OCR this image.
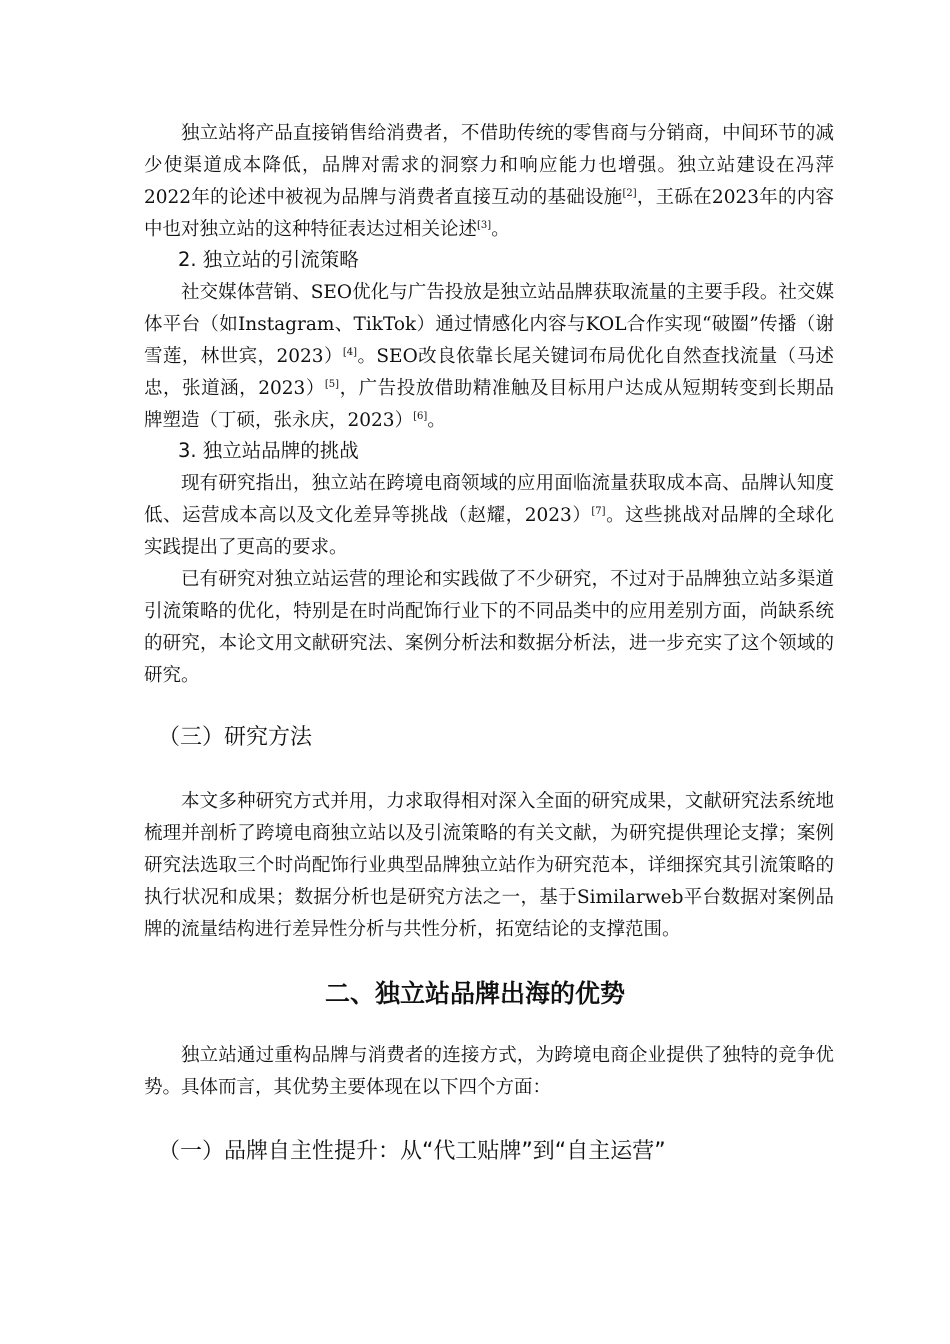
独立站将产品直接销售给消费者，不借助传统的零售商与分销商，中间环节的减少使渠道成本降低，品牌对需求的洞察力和响应能力也增强。独立站建设在冯萍2022年的论述中被视为品牌与消费者直接互动的基础设施[2]，王砾在2023年的内容中也对独立站的这种特征表达过相关论述[3]。

2. 独立站的引流策略

社交媒体营销、SEO优化与广告投放是独立站品牌获取流量的主要手段。社交媒体平台（如Instagram、TikTok）通过情感化内容与KOL合作实现“破圈”传播（谢雪莲，林世宾，2023）[4]。SEO改良依靠长尾关键词布局优化自然查找流量（马述忠，张道涵，2023）[5]，广告投放借助精准触及目标用户达成从短期转变到长期品牌塑造（丁硕，张永庆，2023）[6]。

3. 独立站品牌的挑战

现有研究指出，独立站在跨境电商领域的应用面临流量获取成本高、品牌认知度低、运营成本高以及文化差异等挑战（赵耀，2023）[7]。这些挑战对品牌的全球化实践提出了更高的要求。

已有研究对独立站运营的理论和实践做了不少研究，不过对于品牌独立站多渠道引流策略的优化，特别是在时尚配饰行业下的不同品类中的应用差别方面，尚缺系统的研究，本论文用文献研究法、案例分析法和数据分析法，进一步充实了这个领域的研究。

（三）研究方法

本文多种研究方式并用，力求取得相对深入全面的研究成果，文献研究法系统地梳理并剖析了跨境电商独立站以及引流策略的有关文献，为研究提供理论支撑；案例研究法选取三个时尚配饰行业典型品牌独立站作为研究范本，详细探究其引流策略的执行状况和成果；数据分析也是研究方法之一，基于Similarweb平台数据对案例品牌的流量结构进行差异性分析与共性分析，拓宽结论的支撑范围。

二、独立站品牌出海的优势

独立站通过重构品牌与消费者的连接方式，为跨境电商企业提供了独特的竞争优势。具体而言，其优势主要体现在以下四个方面：

（一）品牌自主性提升：从“代工贴牌”到“自主运营”
